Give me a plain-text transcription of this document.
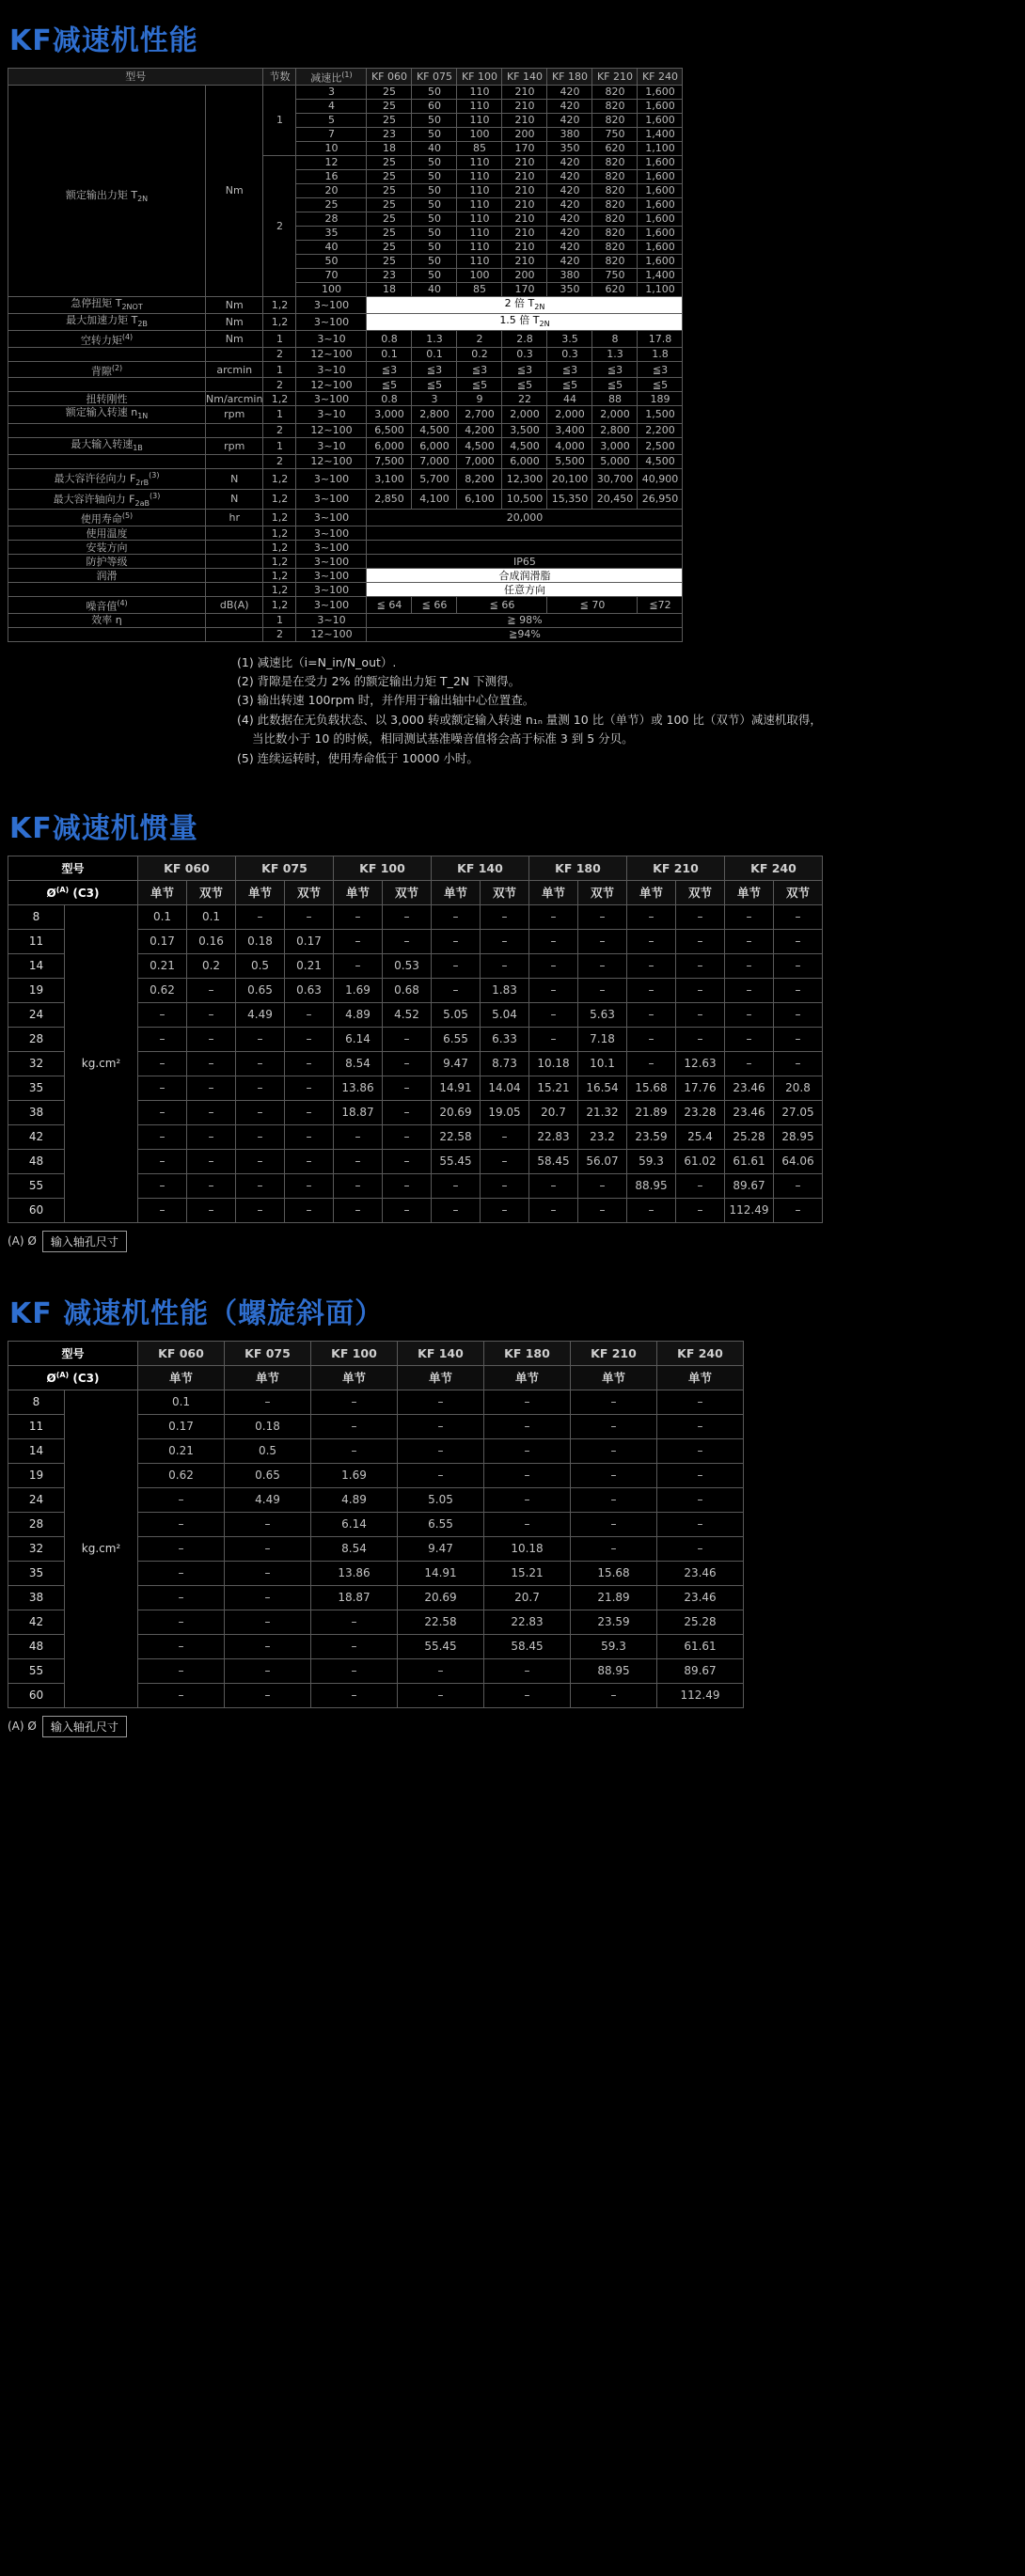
KF减速机性能
型号		节数	减速比$^{(1)}$	KF 060	KF 075	KF 100	KF 140	KF 180	KF 210	KF 240
额定输出力矩 $T_{2N}$	Nm	1	3	25	50	110	210	420	820	1,600
			4	25	60	110	210	420	820	1,600
			5	25	50	110	210	420	820	1,600
			7	23	50	100	200	380	750	1,400
			10	18	40	85	170	350	620	1,100
		2	12	25	50	110	210	420	820	1,600
			16	25	50	110	210	420	820	1,600
			20	25	50	110	210	420	820	1,600
			25	25	50	110	210	420	820	1,600
			28	25	50	110	210	420	820	1,600
			35	25	50	110	210	420	820	1,600
			40	25	50	110	210	420	820	1,600
			50	25	50	110	210	420	820	1,600
			70	23	50	100	200	380	750	1,400
			100	18	40	85	170	350	620	1,100
急停扭矩 $T_{2NOT}$	Nm	1,2	3~100	2 倍 $T_{2N}$
最大加速力矩 $T_{2B}$	Nm	1,2	3~100	1.5 倍 $T_{2N}$
空转力矩$^{(4)}$	Nm	1	3~10	0.8	1.3	2	2.8	3.5	8	17.8
		2	12~100	0.1	0.1	0.2	0.3	0.3	1.3	1.8
背隙$^{(2)}$	arcmin	1	3~10	≦3	≦3	≦3	≦3	≦3	≦3	≦3
		2	12~100	≦5	≦5	≦5	≦5	≦5	≦5	≦5
扭转刚性	Nm/arcmin	1,2	3~100	0.8	3	9	22	44	88	189
额定输入转速 $n_{1N}$	rpm	1	3~10	3,000	2,800	2,700	2,000	2,000	2,000	1,500
		2	12~100	6,500	4,500	4,200	3,500	3,400	2,800	2,200
最大输入转速$_{1B}$	rpm	1	3~10	6,000	6,000	4,500	4,500	4,000	3,000	2,500
		2	12~100	7,500	7,000	7,000	6,000	5,500	5,000	4,500
最大容许径向力 $F_{2rB}^{(3)}$	N	1,2	3~100	3,100	5,700	8,200	12,300	20,100	30,700	40,900
最大容许轴向力 $F_{2aB}^{(3)}$	N	1,2	3~100	2,850	4,100	6,100	10,500	15,350	20,450	26,950
使用寿命$^{(5)}$	hr	1,2	3~100	20,000						
使用温度		1,2	3~100							
安装方向		1,2	3~100							
防护等级		1,2	3~100	IP65						
润滑		1,2	3~100	合成润滑脂						
		1,2	3~100	任意方向						
噪音值$^{(4)}$	dB(A)	1,2	3~100	≦ 64	≦ 66	≦ 66		≦ 70		≦72
效率 η		1	3~10	≧ 98%						
		2	12~100	≧94%						
(1) 减速比（i=N_in/N_out）.
(2) 背隙是在受力 2% 的额定输出力矩 T_2N 下测得。
(3) 输出转速 100rpm 时，并作用于输出轴中心位置查。
(4) 此数据在无负载状态、以 3,000 转或额定输入转速 n₁ₙ 量测 10 比（单节）或 100 比（双节）减速机取得，
当比数小于 10 的时候，相同测试基准噪音值将会高于标准 3 到 5 分贝。
(5) 连续运转时，使用寿命低于 10000 小时。
KF减速机惯量
型号		KF 060		KF 075		KF 100		KF 140		KF 180		KF 210		KF 240	
$Ø^{(A)}$ (C3)		单节	双节	单节	双节	单节	双节	单节	双节	单节	双节	单节	双节	单节	双节
8	kg.cm²	0.1	0.1	–	–	–	–	–	–	–	–	–	–	–	–
11		0.17	0.16	0.18	0.17	–	–	–	–	–	–	–	–	–	–
14		0.21	0.2	0.5	0.21	–	0.53	–	–	–	–	–	–	–	–
19		0.62	–	0.65	0.63	1.69	0.68	–	1.83	–	–	–	–	–	–
24		–	–	4.49	–	4.89	4.52	5.05	5.04	–	5.63	–	–	–	–
28		–	–	–	–	6.14	–	6.55	6.33	–	7.18	–	–	–	–
32		–	–	–	–	8.54	–	9.47	8.73	10.18	10.1	–	12.63	–	–
35		–	–	–	–	13.86	–	14.91	14.04	15.21	16.54	15.68	17.76	23.46	20.8
38		–	–	–	–	18.87	–	20.69	19.05	20.7	21.32	21.89	23.28	23.46	27.05
42		–	–	–	–	–	–	22.58	–	22.83	23.2	23.59	25.4	25.28	28.95
48		–	–	–	–	–	–	55.45	–	58.45	56.07	59.3	61.02	61.61	64.06
55		–	–	–	–	–	–	–	–	–	–	88.95	–	89.67	–
60		–	–	–	–	–	–	–	–	–	–	–	–	112.49	–
(A) Ø	输入轴孔尺寸
KF 减速机性能（螺旋斜面）
型号		KF 060	KF 075	KF 100	KF 140	KF 180	KF 210	KF 240
$Ø^{(A)}$ (C3)		单节	单节	单节	单节	单节	单节	单节
8	kg.cm²	0.1	–	–	–	–	–	–
11		0.17	0.18	–	–	–	–	–
14		0.21	0.5	–	–	–	–	–
19		0.62	0.65	1.69	–	–	–	–
24		–	4.49	4.89	5.05	–	–	–
28		–	–	6.14	6.55	–	–	–
32		–	–	8.54	9.47	10.18	–	–
35		–	–	13.86	14.91	15.21	15.68	23.46
38		–	–	18.87	20.69	20.7	21.89	23.46
42		–	–	–	22.58	22.83	23.59	25.28
48		–	–	–	55.45	58.45	59.3	61.61
55		–	–	–	–	–	88.95	89.67
60		–	–	–	–	–	–	112.49
(A) Ø	输入轴孔尺寸
